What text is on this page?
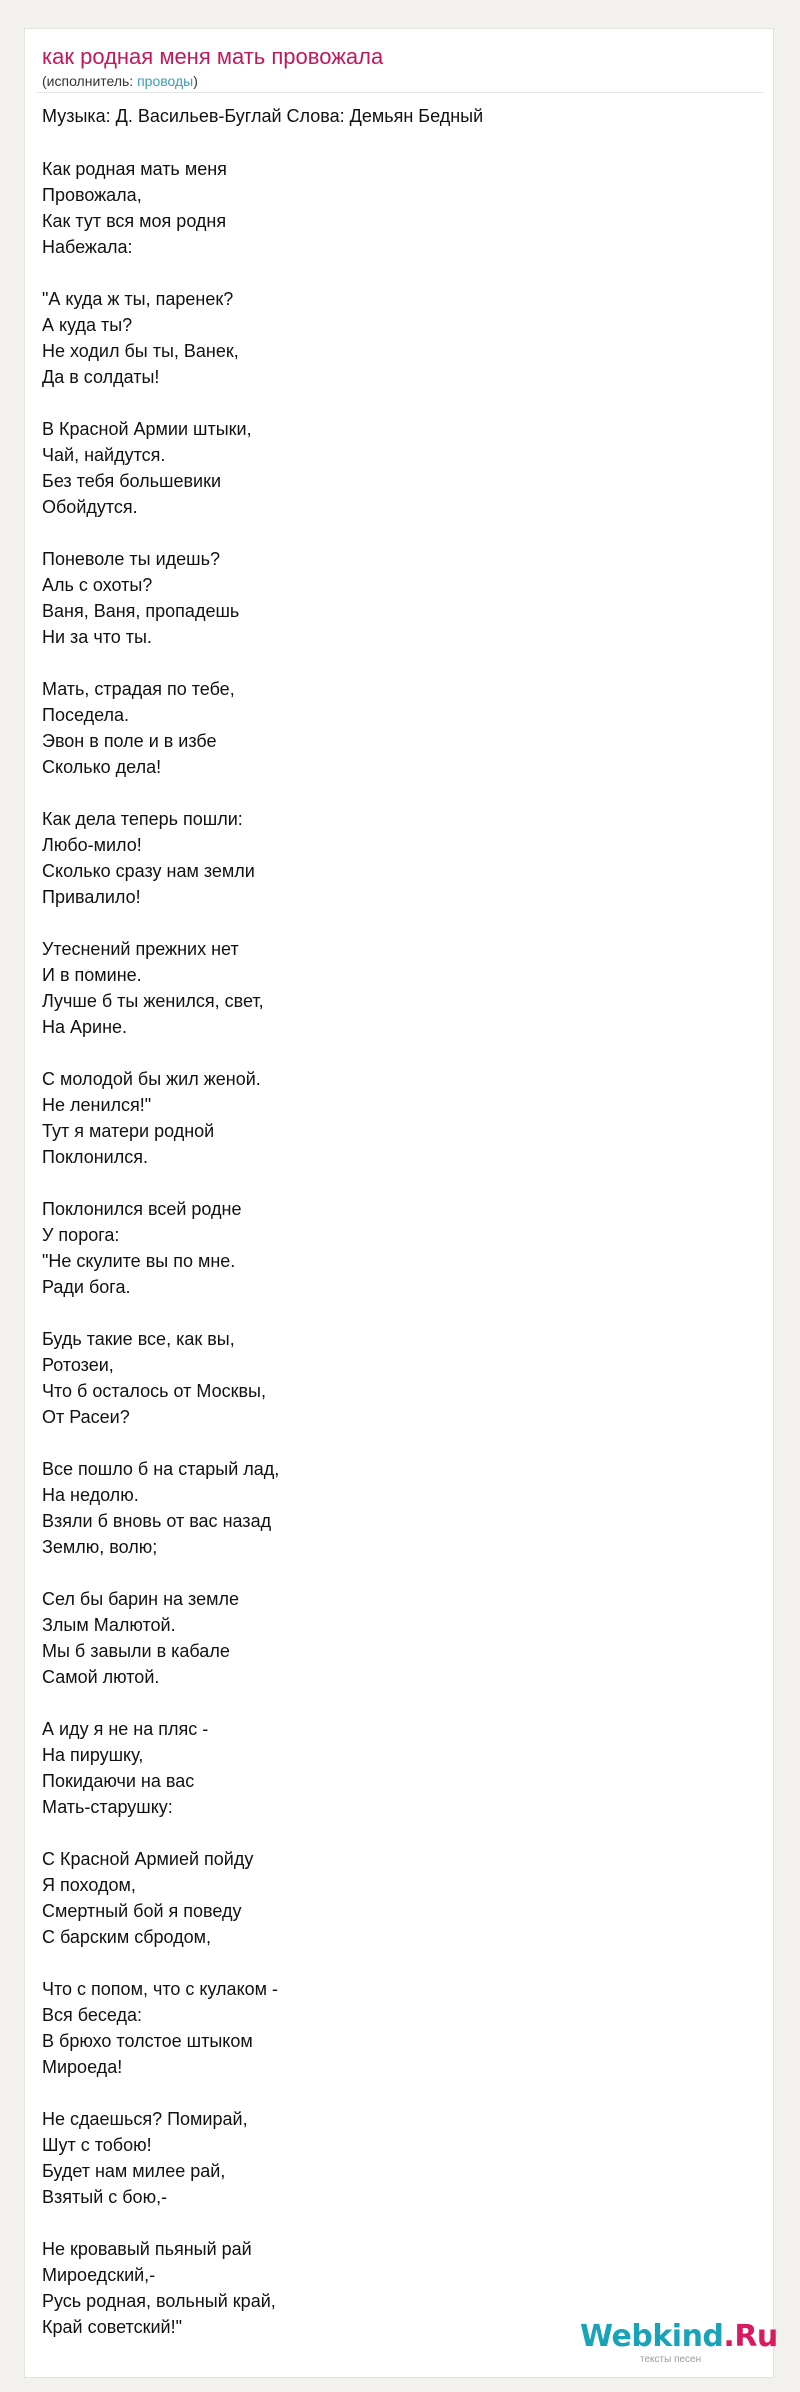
как родная меня мать провожала
(исполнитель: проводы)
Музыка: Д. Васильев-Буглай Слова: Демьян Бедный
Как родная мать меня
Провожала,
Как тут вся моя родня
Набежала:
"А куда ж ты, паренек?
А куда ты?
Не ходил бы ты, Ванек,
Да в солдаты!
В Красной Армии штыки,
Чай, найдутся.
Без тебя большевики
Обойдутся.
Поневоле ты идешь?
Аль с охоты?
Ваня, Ваня, пропадешь
Ни за что ты.
Мать, страдая по тебе,
Поседела.
Эвон в поле и в избе
Сколько дела!
Как дела теперь пошли:
Любо-мило!
Сколько сразу нам земли
Привалило!
Утеснений прежних нет
И в помине.
Лучше б ты женился, свет,
На Арине.
С молодой бы жил женой.
Не ленился!"
Тут я матери родной
Поклонился.
Поклонился всей родне
У порога:
"Не скулите вы по мне.
Ради бога.
Будь такие все, как вы,
Ротозеи,
Что б осталось от Москвы,
От Расеи?
Все пошло б на старый лад,
На недолю.
Взяли б вновь от вас назад
Землю, волю;
Сел бы барин на земле
Злым Малютой.
Мы б завыли в кабале
Самой лютой.
А иду я не на пляс -
На пирушку,
Покидаючи на вас
Мать-старушку:
С Красной Армией пойду
Я походом,
Смертный бой я поведу
С барским сбродом,
Что с попом, что с кулаком -
Вся беседа:
В брюхо толстое штыком
Мироеда!
Не сдаешься? Помирай,
Шут с тобою!
Будет нам милее рай,
Взятый с бою,-
Не кровавый пьяный рай
Мироедский,-
Русь родная, вольный край,
Край советский!"	Webkind.Ru
тексты песен
